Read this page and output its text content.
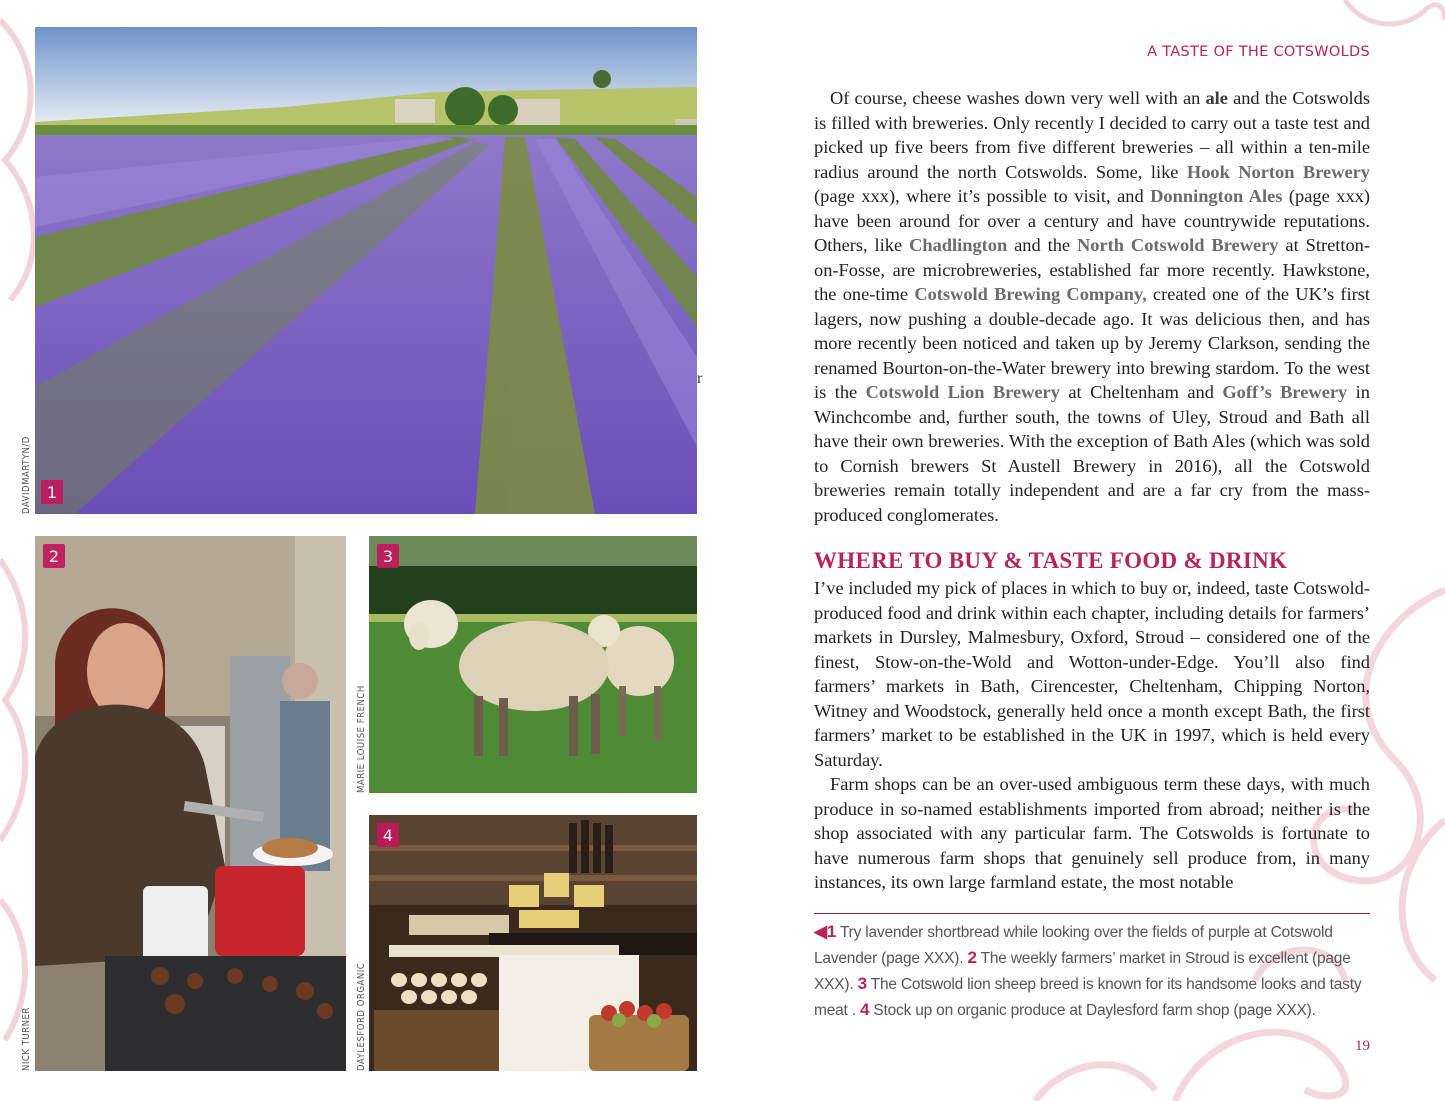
1
DAVIDMARTYN/D
2
NICK TURNER
3
MARIE LOUISE FRENCH
4
DAYLESFORD ORGANIC
r
A TASTE OF THE COTSWOLDS

Of course, cheese washes down very well with an ale and the Cotswolds is filled with breweries. Only recently I decided to carry out a taste test and picked up five beers from five different breweries – all within a ten-mile radius around the north Cotswolds. Some, like Hook Norton Brewery (page xxx), where it’s possible to visit, and Donnington Ales (page xxx) have been around for over a century and have countrywide reputations. Others, like Chadlington and the North Cotswold Brewery at Stretton-on-Fosse, are microbreweries, established far more recently. Hawkstone, the one-time Cotswold Brewing Company, created one of the UK’s first lagers, now pushing a double-decade ago. It was delicious then, and has more recently been noticed and taken up by Jeremy Clarkson, sending the renamed Bourton-on-the-Water brewery into brewing stardom. To the west is the Cotswold Lion Brewery at Cheltenham and Goff’s Brewery in Winchcombe and, further south, the towns of Uley, Stroud and Bath all have their own breweries. With the exception of Bath Ales (which was sold to Cornish brewers St Austell Brewery in 2016), all the Cotswold breweries remain totally independent and are a far cry from the mass-produced conglomerates.

WHERE TO BUY & TASTE FOOD & DRINK

I’ve included my pick of places in which to buy or, indeed, taste Cotswold-produced food and drink within each chapter, including details for farmers’ markets in Dursley, Malmesbury, Oxford, Stroud – considered one of the finest, Stow-on-the-Wold and Wotton-under-Edge. You’ll also find farmers’ markets in Bath, Cirencester, Cheltenham, Chipping Norton, Witney and Woodstock, generally held once a month except Bath, the first farmers’ market to be established in the UK in 1997, which is held every Saturday.

Farm shops can be an over-used ambiguous term these days, with much produce in so-named establishments imported from abroad; neither is the shop associated with any particular farm. The Cotswolds is fortunate to have numerous farm shops that genuinely sell produce from, in many instances, its own large farmland estate, the most notable

◀1 Try lavender shortbread while looking over the fields of purple at Cotswold Lavender (page XXX). 2 The weekly farmers’ market in Stroud is excellent (page XXX). 3 The Cotswold lion sheep breed is known for its handsome looks and tasty meat . 4 Stock up on organic produce at Daylesford farm shop (page XXX).
19
